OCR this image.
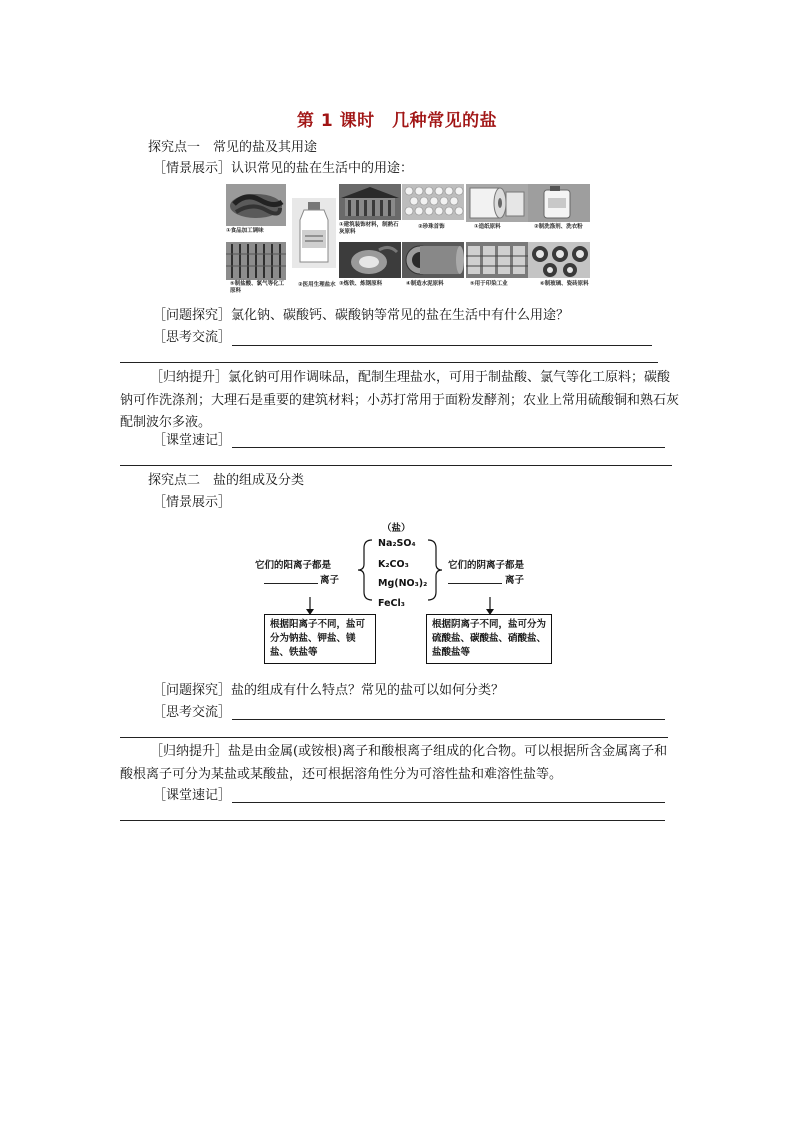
第 1 课时　几种常见的盐
探究点一　常见的盐及其用途
［情景展示］认识常见的盐在生活中的用途：
①食品加工调味
②医用生理盐水
①建筑装饰材料，制熟石灰原料
②珍珠首饰	①造纸原料	②制洗涤剂、洗衣粉
⑤制盐酸、氯气等化工原料
③炼铁、炼钢原料	④制造水泥原料	⑤用于印染工业	⑥制玻璃、瓷砖原料
［问题探究］氯化钠、碳酸钙、碳酸钠等常见的盐在生活中有什么用途？
［思考交流］
［归纳提升］氯化钠可用作调味品，配制生理盐水，可用于制盐酸、氯气等化工原料；碳酸钠可作洗涤剂；大理石是重要的建筑材料；小苏打常用于面粉发酵剂；农业上常用硫酸铜和熟石灰配制波尔多液。
［课堂速记］
探究点二　盐的组成及分类
［情景展示］
（盐）
Na₂SO₄
K₂CO₃
Mg(NO₃)₂
FeCl₃
它们的阳离子都是
离子
它们的阴离子都是
离子
根据阳离子不同，盐可分为钠盐、钾盐、镁盐、铁盐等
根据阴离子不同，盐可分为硫酸盐、碳酸盐、硝酸盐、盐酸盐等
［问题探究］盐的组成有什么特点？常见的盐可以如何分类？
［思考交流］
［归纳提升］盐是由金属(或铵根)离子和酸根离子组成的化合物。可以根据所含金属离子和酸根离子可分为某盐或某酸盐，还可根据溶角性分为可溶性盐和难溶性盐等。
［课堂速记］
